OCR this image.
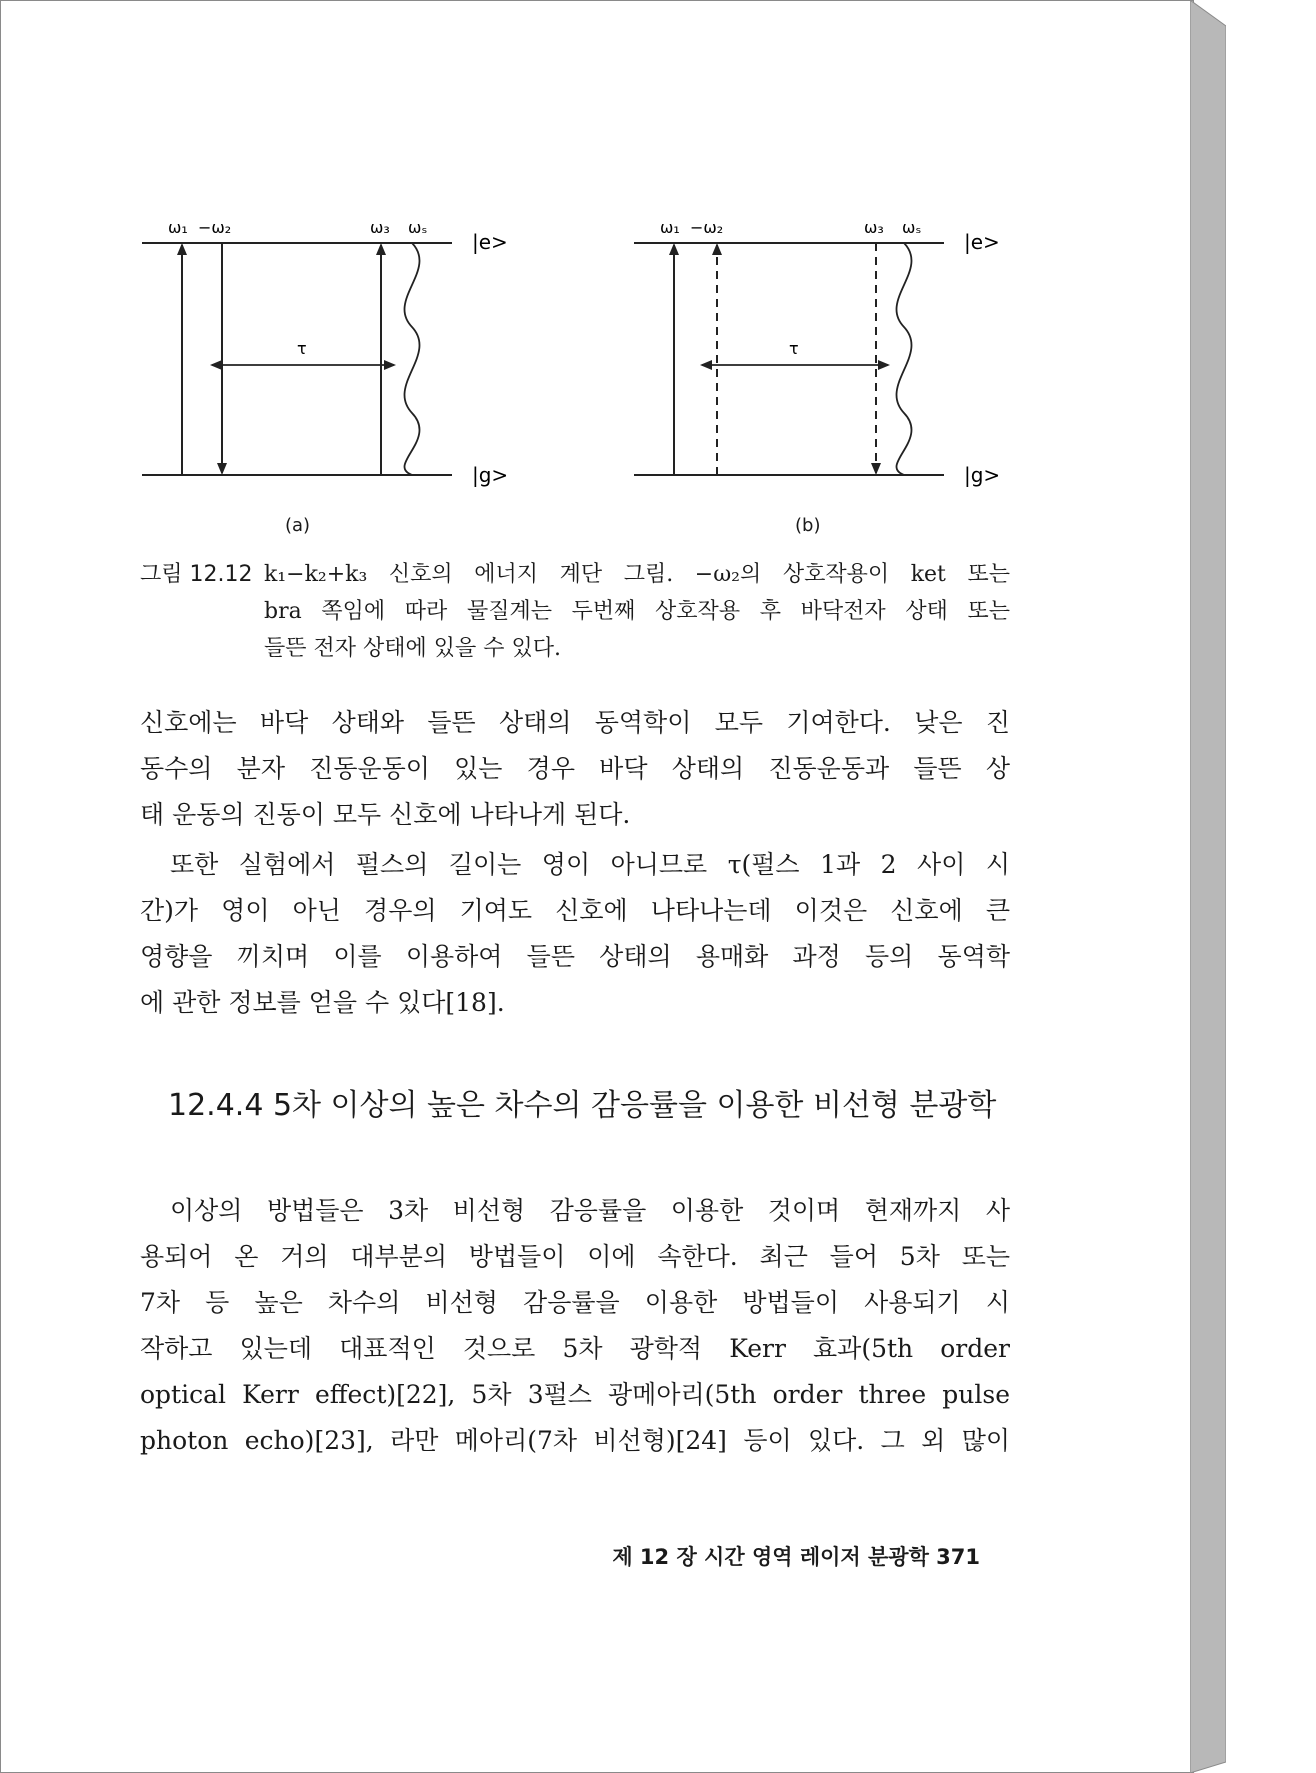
ω₁ −ω₂	ω₃ ωₛ
τ
|e>
|g>
(a)
ω₁ −ω₂	ω₃ ωₛ
τ
|e>
|g>
(b)
그림 12.12 k₁−k₂+k₃ 신호의 에너지 계단 그림. −ω₂의 상호작용이 ket 또는
bra 쪽임에 따라 물질계는 두번째 상호작용 후 바닥전자 상태 또는
들뜬 전자 상태에 있을 수 있다.
신호에는 바닥 상태와 들뜬 상태의 동역학이 모두 기여한다. 낮은 진
동수의 분자 진동운동이 있는 경우 바닥 상태의 진동운동과 들뜬 상
태 운동의 진동이 모두 신호에 나타나게 된다.
또한 실험에서 펄스의 길이는 영이 아니므로 τ(펄스 1과 2 사이 시
간)가 영이 아닌 경우의 기여도 신호에 나타나는데 이것은 신호에 큰
영향을 끼치며 이를 이용하여 들뜬 상태의 용매화 과정 등의 동역학
에 관한 정보를 얻을 수 있다[18].
12.4.4 5차 이상의 높은 차수의 감응률을 이용한 비선형 분광학
이상의 방법들은 3차 비선형 감응률을 이용한 것이며 현재까지 사
용되어 온 거의 대부분의 방법들이 이에 속한다. 최근 들어 5차 또는
7차 등 높은 차수의 비선형 감응률을 이용한 방법들이 사용되기 시
작하고 있는데 대표적인 것으로 5차 광학적 Kerr 효과(5th order
optical Kerr effect)[22], 5차 3펄스 광메아리(5th order three pulse
photon echo)[23], 라만 메아리(7차 비선형)[24] 등이 있다. 그 외 많이
제 12 장 시간 영역 레이저 분광학 371
